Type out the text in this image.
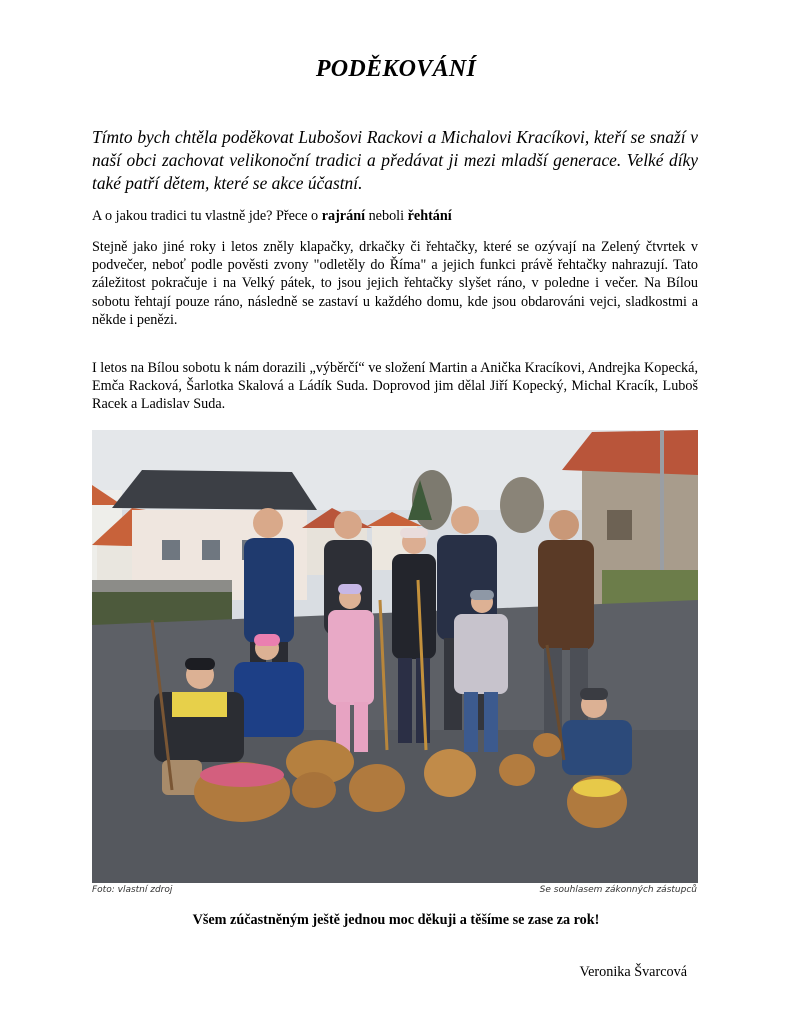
PODĚKOVÁNÍ
Tímto bych chtěla poděkovat Lubošovi Rackovi a Michalovi Kracíkovi, kteří se snaží v naší obci zachovat velikonoční tradici a předávat ji mezi mladší generace. Velké díky také patří dětem, které se akce účastní.
A o jakou tradici tu vlastně jde? Přece o rajrání neboli řehtání
Stejně jako jiné roky i letos zněly klapačky, drkačky či řehtačky, které se ozývají na Zelený čtvrtek v podvečer, neboť podle pověsti zvony "odletěly do Říma" a jejich funkci právě řehtačky nahrazují. Tato záležitost pokračuje i na Velký pátek, to jsou jejich řehtačky slyšet ráno, v poledne i večer. Na Bílou sobotu řehtají pouze ráno, následně se zastaví u každého domu, kde jsou obdarováni vejci, sladkostmi a někde i penězi.
I letos na Bílou sobotu k nám dorazili „výběrčí“ ve složení Martin a Anička Kracíkovi, Andrejka Kopecká, Emča Racková, Šarlotka Skalová a Ládík Suda. Doprovod jim dělal Jiří Kopecký, Michal Kracík, Luboš Racek a Ladislav Suda.
Foto: vlastní zdroj	Se souhlasem zákonných zástupců
Všem zúčastněným ještě jednou moc děkuji a těšíme se zase za rok!
Veronika Švarcová
